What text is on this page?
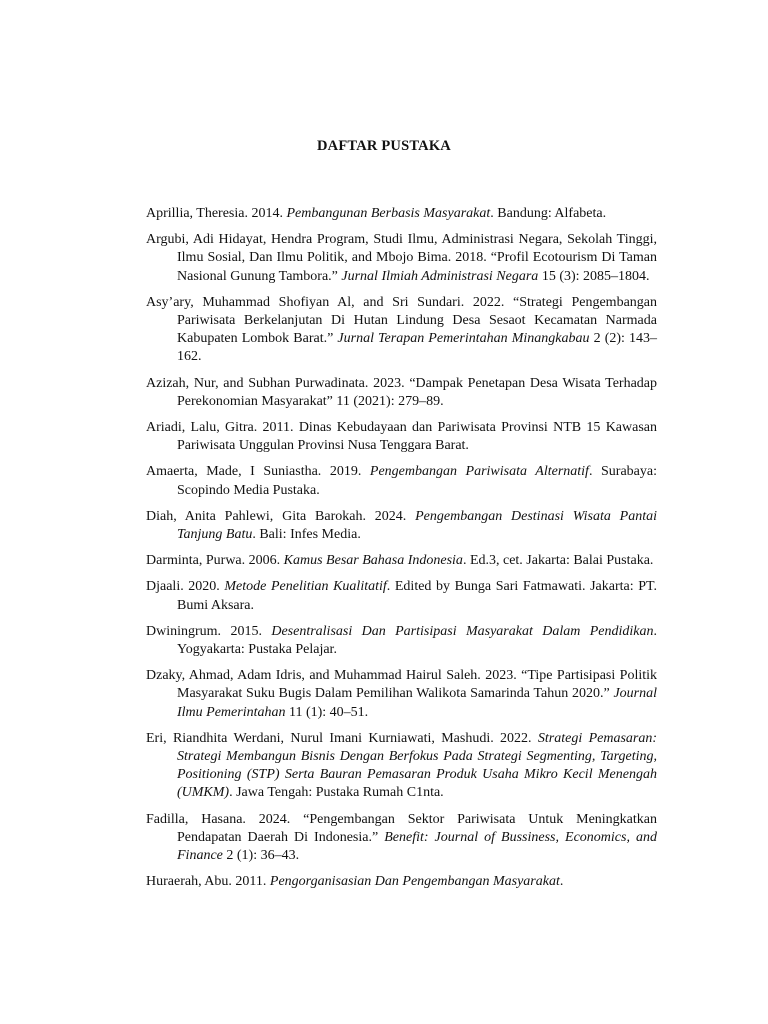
DAFTAR PUSTAKA

Aprillia, Theresia. 2014. Pembangunan Berbasis Masyarakat. Bandung: Alfabeta.

Argubi, Adi Hidayat, Hendra Program, Studi Ilmu, Administrasi Negara, Sekolah Tinggi, Ilmu Sosial, Dan Ilmu Politik, and Mbojo Bima. 2018. “Profil Ecotourism Di Taman Nasional Gunung Tambora.” Jurnal Ilmiah Administrasi Negara 15 (3): 2085–1804.

Asy’ary, Muhammad Shofiyan Al, and Sri Sundari. 2022. “Strategi Pengembangan Pariwisata Berkelanjutan Di Hutan Lindung Desa Sesaot Kecamatan Narmada Kabupaten Lombok Barat.” Jurnal Terapan Pemerintahan Minangkabau 2 (2): 143–162.

Azizah, Nur, and Subhan Purwadinata. 2023. “Dampak Penetapan Desa Wisata Terhadap Perekonomian Masyarakat” 11 (2021): 279–89.

Ariadi, Lalu, Gitra. 2011. Dinas Kebudayaan dan Pariwisata Provinsi NTB 15 Kawasan Pariwisata Unggulan Provinsi Nusa Tenggara Barat.

Amaerta, Made, I Suniastha. 2019. Pengembangan Pariwisata Alternatif. Surabaya: Scopindo Media Pustaka.

Diah, Anita Pahlewi, Gita Barokah. 2024. Pengembangan Destinasi Wisata Pantai Tanjung Batu. Bali: Infes Media.

Darminta, Purwa. 2006. Kamus Besar Bahasa Indonesia. Ed.3, cet. Jakarta: Balai Pustaka.

Djaali. 2020. Metode Penelitian Kualitatif. Edited by Bunga Sari Fatmawati. Jakarta: PT. Bumi Aksara.

Dwiningrum. 2015. Desentralisasi Dan Partisipasi Masyarakat Dalam Pendidikan. Yogyakarta: Pustaka Pelajar.

Dzaky, Ahmad, Adam Idris, and Muhammad Hairul Saleh. 2023. “Tipe Partisipasi Politik Masyarakat Suku Bugis Dalam Pemilihan Walikota Samarinda Tahun 2020.” Journal Ilmu Pemerintahan 11 (1): 40–51.

Eri, Riandhita Werdani, Nurul Imani Kurniawati, Mashudi. 2022. Strategi Pemasaran: Strategi Membangun Bisnis Dengan Berfokus Pada Strategi Segmenting, Targeting, Positioning (STP) Serta Bauran Pemasaran Produk Usaha Mikro Kecil Menengah (UMKM). Jawa Tengah: Pustaka Rumah C1nta.

Fadilla, Hasana. 2024. “Pengembangan Sektor Pariwisata Untuk Meningkatkan Pendapatan Daerah Di Indonesia.” Benefit: Journal of Bussiness, Economics, and Finance 2 (1): 36–43.

Huraerah, Abu. 2011. Pengorganisasian Dan Pengembangan Masyarakat.
